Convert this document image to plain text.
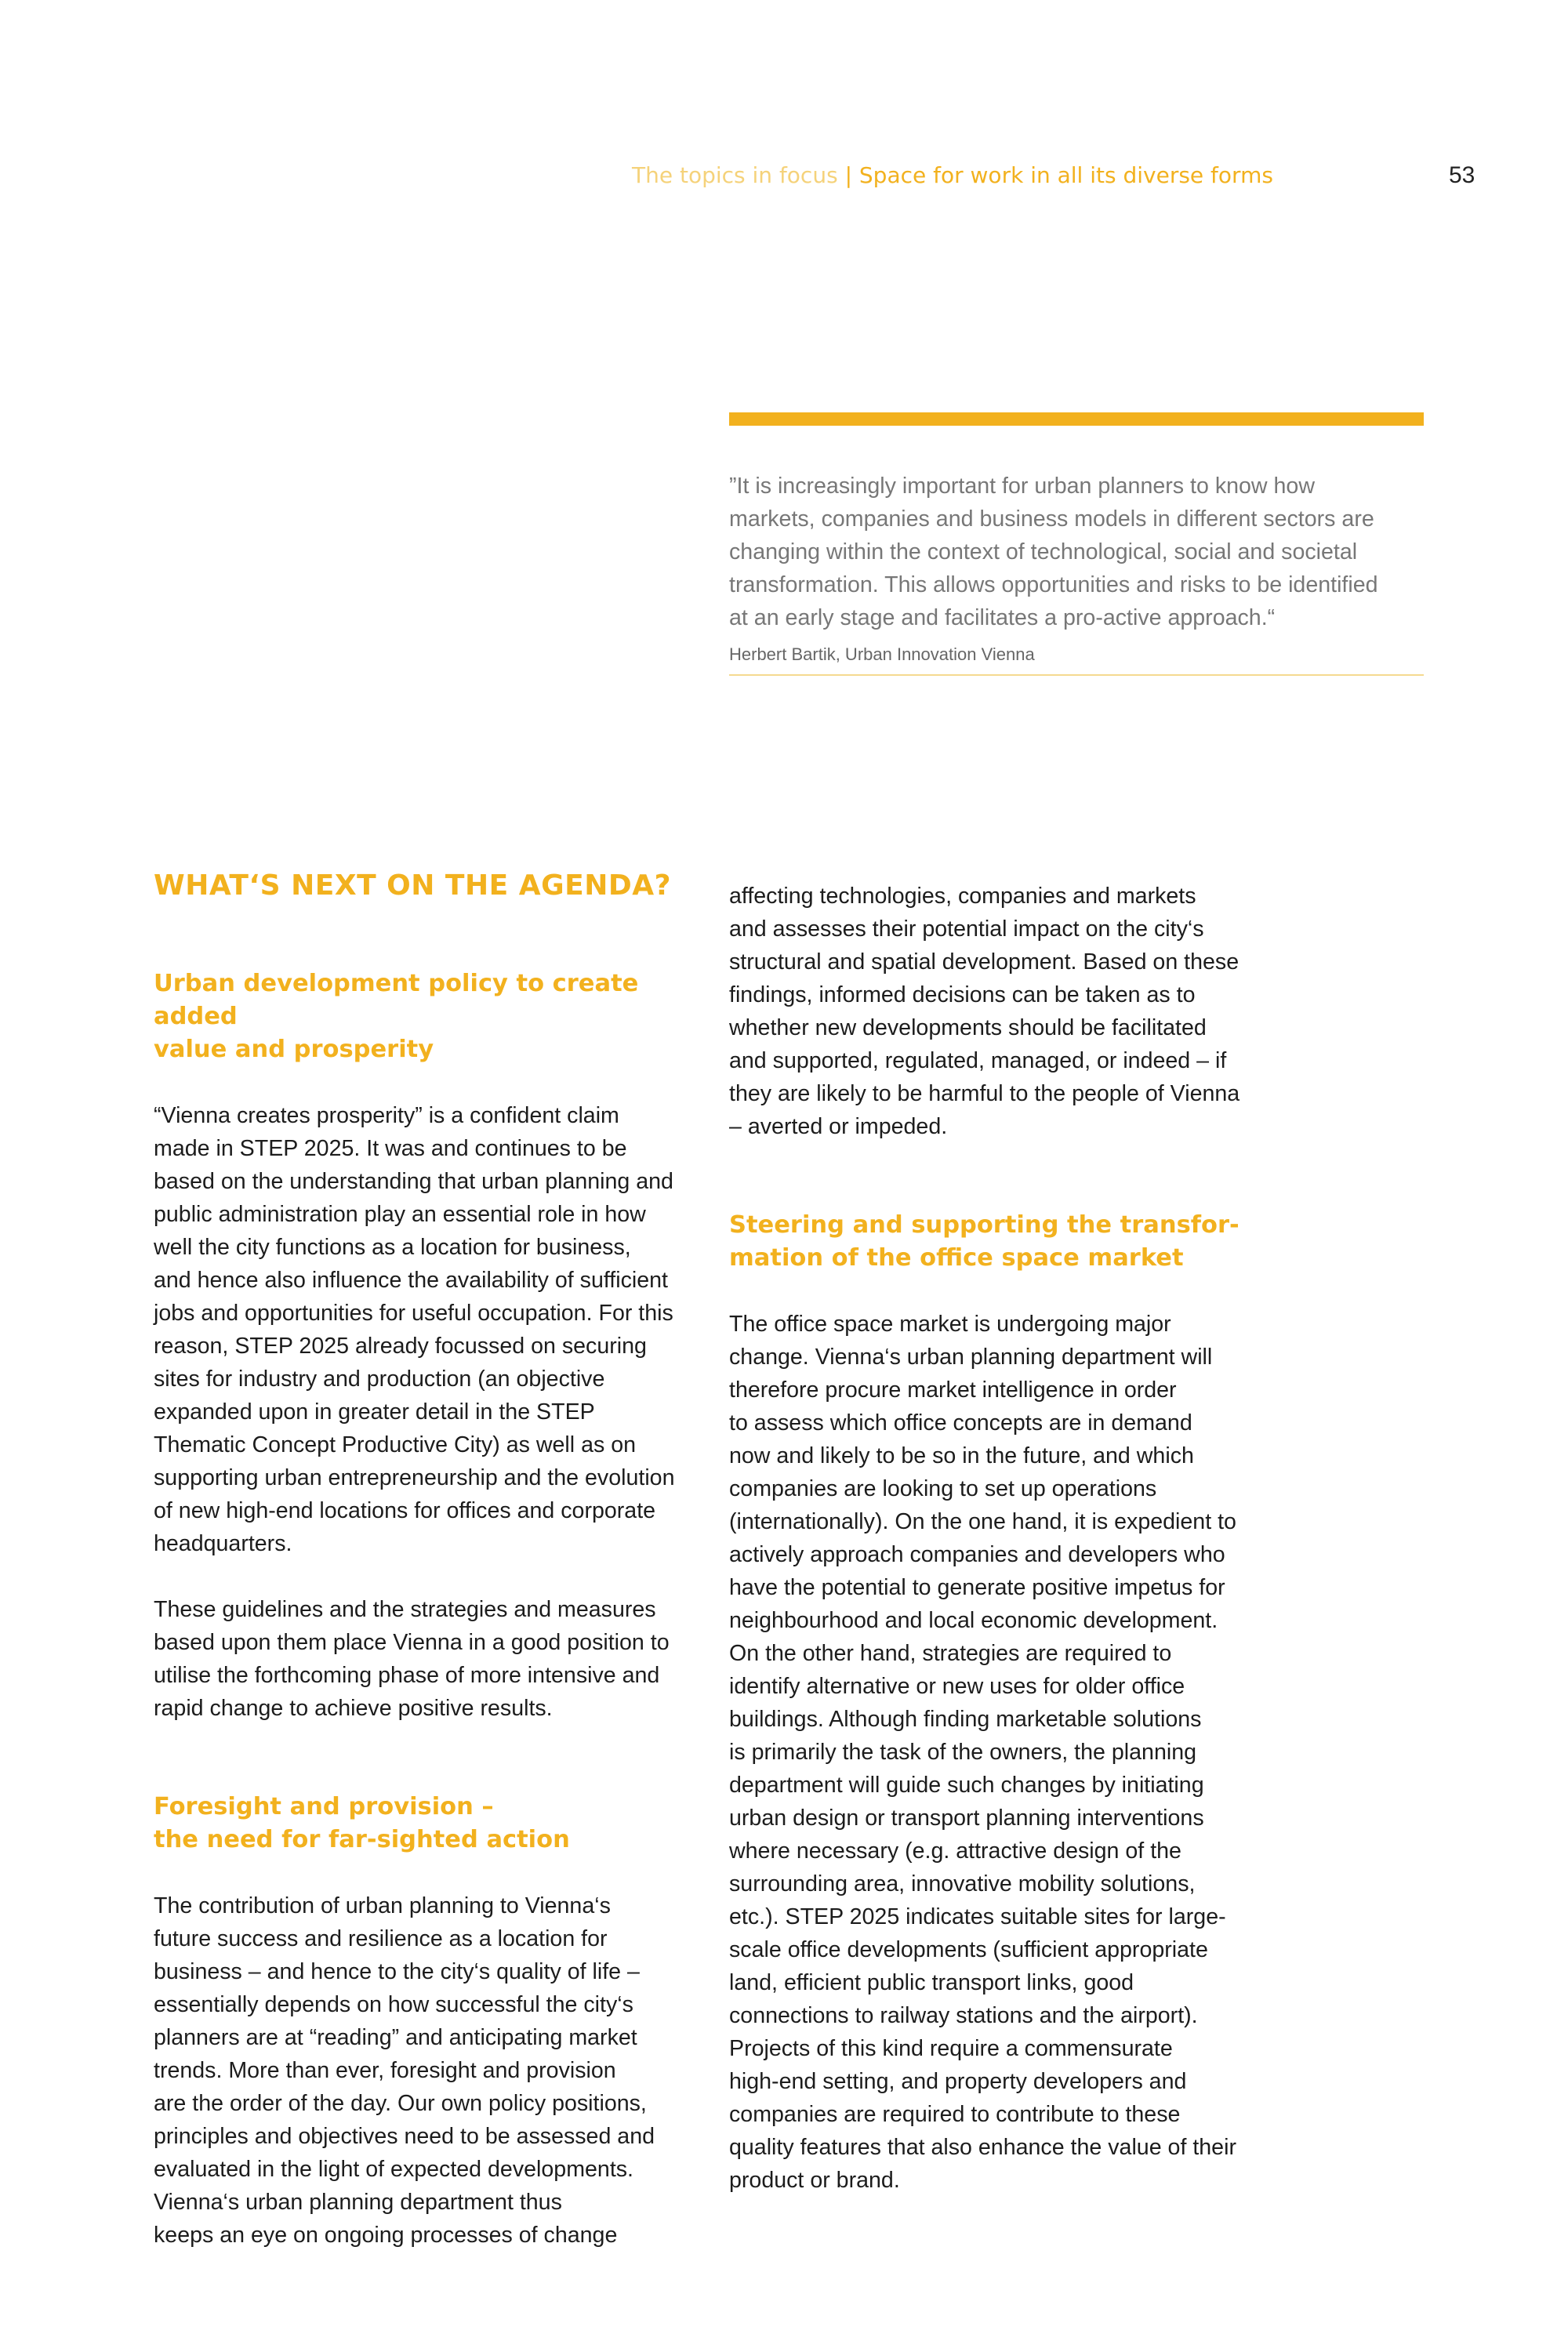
The topics in focus | Space for work in all its diverse forms	53

”It is increasingly important for urban planners to know how
markets, companies and business models in different sectors are
changing within the context of technological, social and societal
transformation. This allows opportunities and risks to be identified
at an early stage and facilitates a pro-active approach.“

Herbert Bartik, Urban Innovation Vienna

WHAT‘S NEXT ON THE AGENDA?
Urban development policy to create added
value and prosperity

“Vienna creates prosperity” is a confident claim
made in STEP 2025. It was and continues to be
based on the understanding that urban planning and
public administration play an essential role in how
well the city functions as a location for business,
and hence also influence the availability of sufficient
jobs and opportunities for useful occupation. For this
reason, STEP 2025 already focussed on securing
sites for industry and production (an objective
expanded upon in greater detail in the STEP
Thematic Concept Productive City) as well as on
supporting urban entrepreneurship and the evolution
of new high-end locations for offices and corporate
headquarters.

These guidelines and the strategies and measures
based upon them place Vienna in a good position to
utilise the forthcoming phase of more intensive and
rapid change to achieve positive results.

Foresight and provision –
the need for far-sighted action

The contribution of urban planning to Vienna‘s
future success and resilience as a location for
business – and hence to the city‘s quality of life –
essentially depends on how successful the city‘s
planners are at “reading” and anticipating market
trends. More than ever, foresight and provision
are the order of the day. Our own policy positions,
principles and objectives need to be assessed and
evaluated in the light of expected developments.
Vienna‘s urban planning department thus
keeps an eye on ongoing processes of change

affecting technologies, companies and markets
and assesses their potential impact on the city‘s
structural and spatial development. Based on these
findings, informed decisions can be taken as to
whether new developments should be facilitated
and supported, regulated, managed, or indeed – if
they are likely to be harmful to the people of Vienna
– averted or impeded.

Steering and supporting the transfor-
mation of the office space market

The office space market is undergoing major
change. Vienna‘s urban planning department will
therefore procure market intelligence in order
to assess which office concepts are in demand
now and likely to be so in the future, and which
companies are looking to set up operations
(internationally). On the one hand, it is expedient to
actively approach companies and developers who
have the potential to generate positive impetus for
neighbourhood and local economic development.
On the other hand, strategies are required to
identify alternative or new uses for older office
buildings. Although finding marketable solutions
is primarily the task of the owners, the planning
department will guide such changes by initiating
urban design or transport planning interventions
where necessary (e.g. attractive design of the
surrounding area, innovative mobility solutions,
etc.). STEP 2025 indicates suitable sites for large-
scale office developments (sufficient appropriate
land, efficient public transport links, good
connections to railway stations and the airport).
Projects of this kind require a commensurate
high-end setting, and property developers and
companies are required to contribute to these
quality features that also enhance the value of their
product or brand.
